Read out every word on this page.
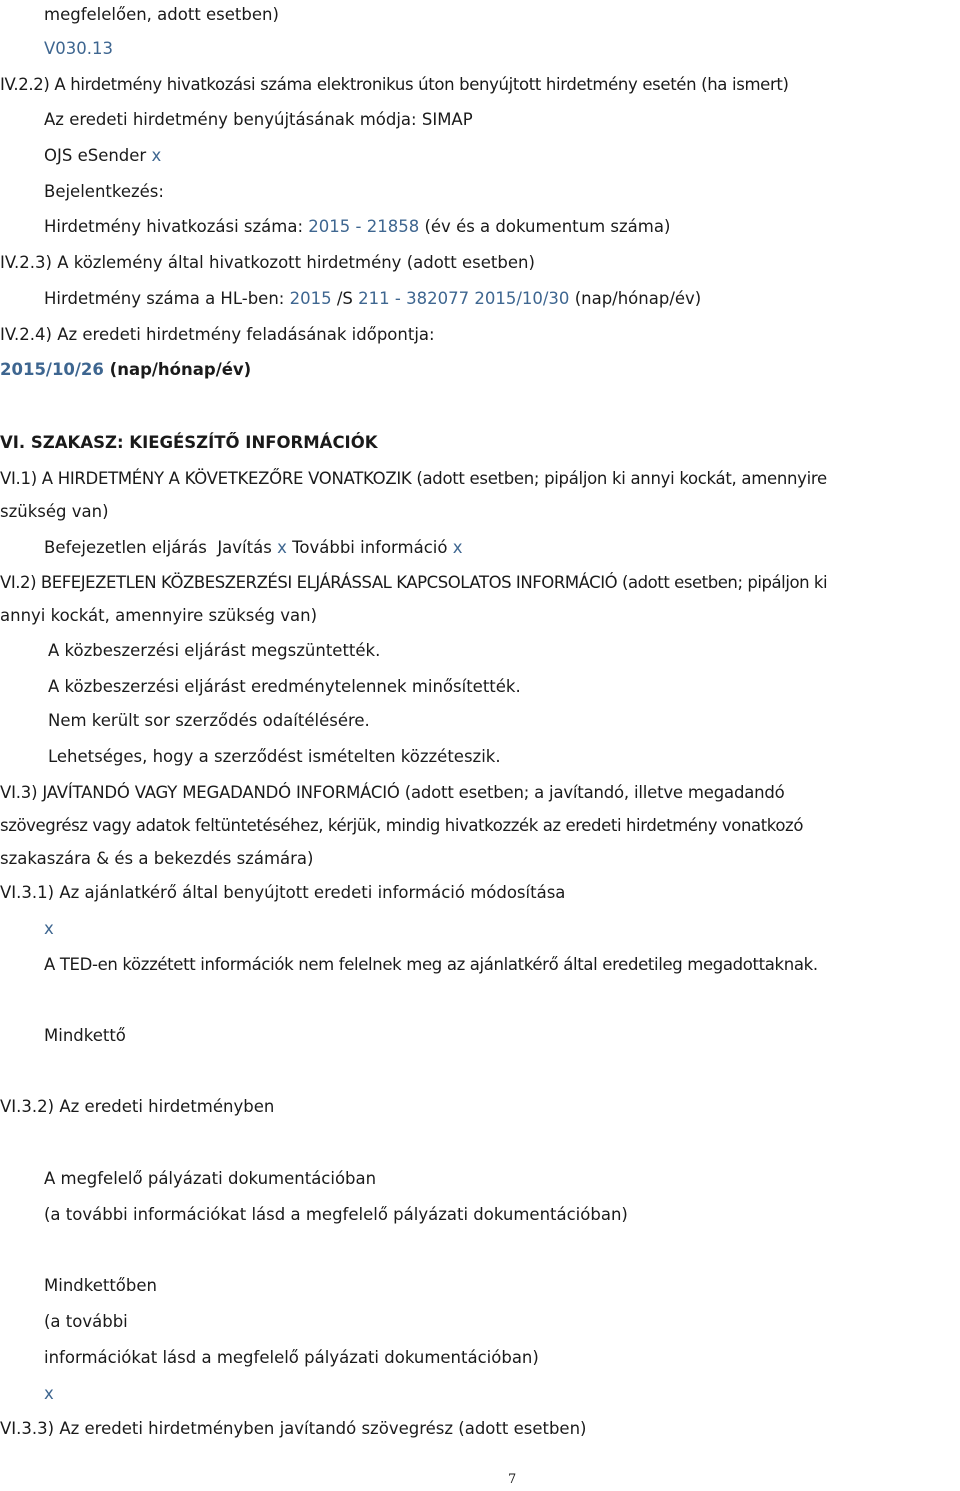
megfelelően, adott esetben)
V030.13
IV.2.2) A hirdetmény hivatkozási száma elektronikus úton benyújtott hirdetmény esetén (ha ismert)
Az eredeti hirdetmény benyújtásának módja: SIMAP
OJS eSender x
Bejelentkezés:
Hirdetmény hivatkozási száma: 2015 - 21858 (év és a dokumentum száma)
IV.2.3) A közlemény által hivatkozott hirdetmény (adott esetben)
Hirdetmény száma a HL-ben: 2015 /S 211 - 382077 2015/10/30 (nap/hónap/év)
IV.2.4) Az eredeti hirdetmény feladásának időpontja:
2015/10/26 (nap/hónap/év)
VI. SZAKASZ: KIEGÉSZÍTŐ INFORMÁCIÓK
VI.1) A HIRDETMÉNY A KÖVETKEZŐRE VONATKOZIK (adott esetben; pipáljon ki annyi kockát, amennyire
szükség van)
Befejezetlen eljárás Javítás x További információ x
VI.2) BEFEJEZETLEN KÖZBESZERZÉSI ELJÁRÁSSAL KAPCSOLATOS INFORMÁCIÓ (adott esetben; pipáljon ki
annyi kockát, amennyire szükség van)
A közbeszerzési eljárást megszüntették.
A közbeszerzési eljárást eredménytelennek minősítették.
Nem került sor szerződés odaítélésére.
Lehetséges, hogy a szerződést ismételten közzéteszik.
VI.3) JAVÍTANDÓ VAGY MEGADANDÓ INFORMÁCIÓ (adott esetben; a javítandó, illetve megadandó
szövegrész vagy adatok feltüntetéséhez, kérjük, mindig hivatkozzék az eredeti hirdetmény vonatkozó
szakaszára & és a bekezdés számára)
VI.3.1) Az ajánlatkérő által benyújtott eredeti információ módosítása
x
A TED-en közzétett információk nem felelnek meg az ajánlatkérő által eredetileg megadottaknak.
Mindkettő
VI.3.2) Az eredeti hirdetményben
A megfelelő pályázati dokumentációban
(a további információkat lásd a megfelelő pályázati dokumentációban)
Mindkettőben
(a további
információkat lásd a megfelelő pályázati dokumentációban)
x
VI.3.3) Az eredeti hirdetményben javítandó szövegrész (adott esetben)
7
